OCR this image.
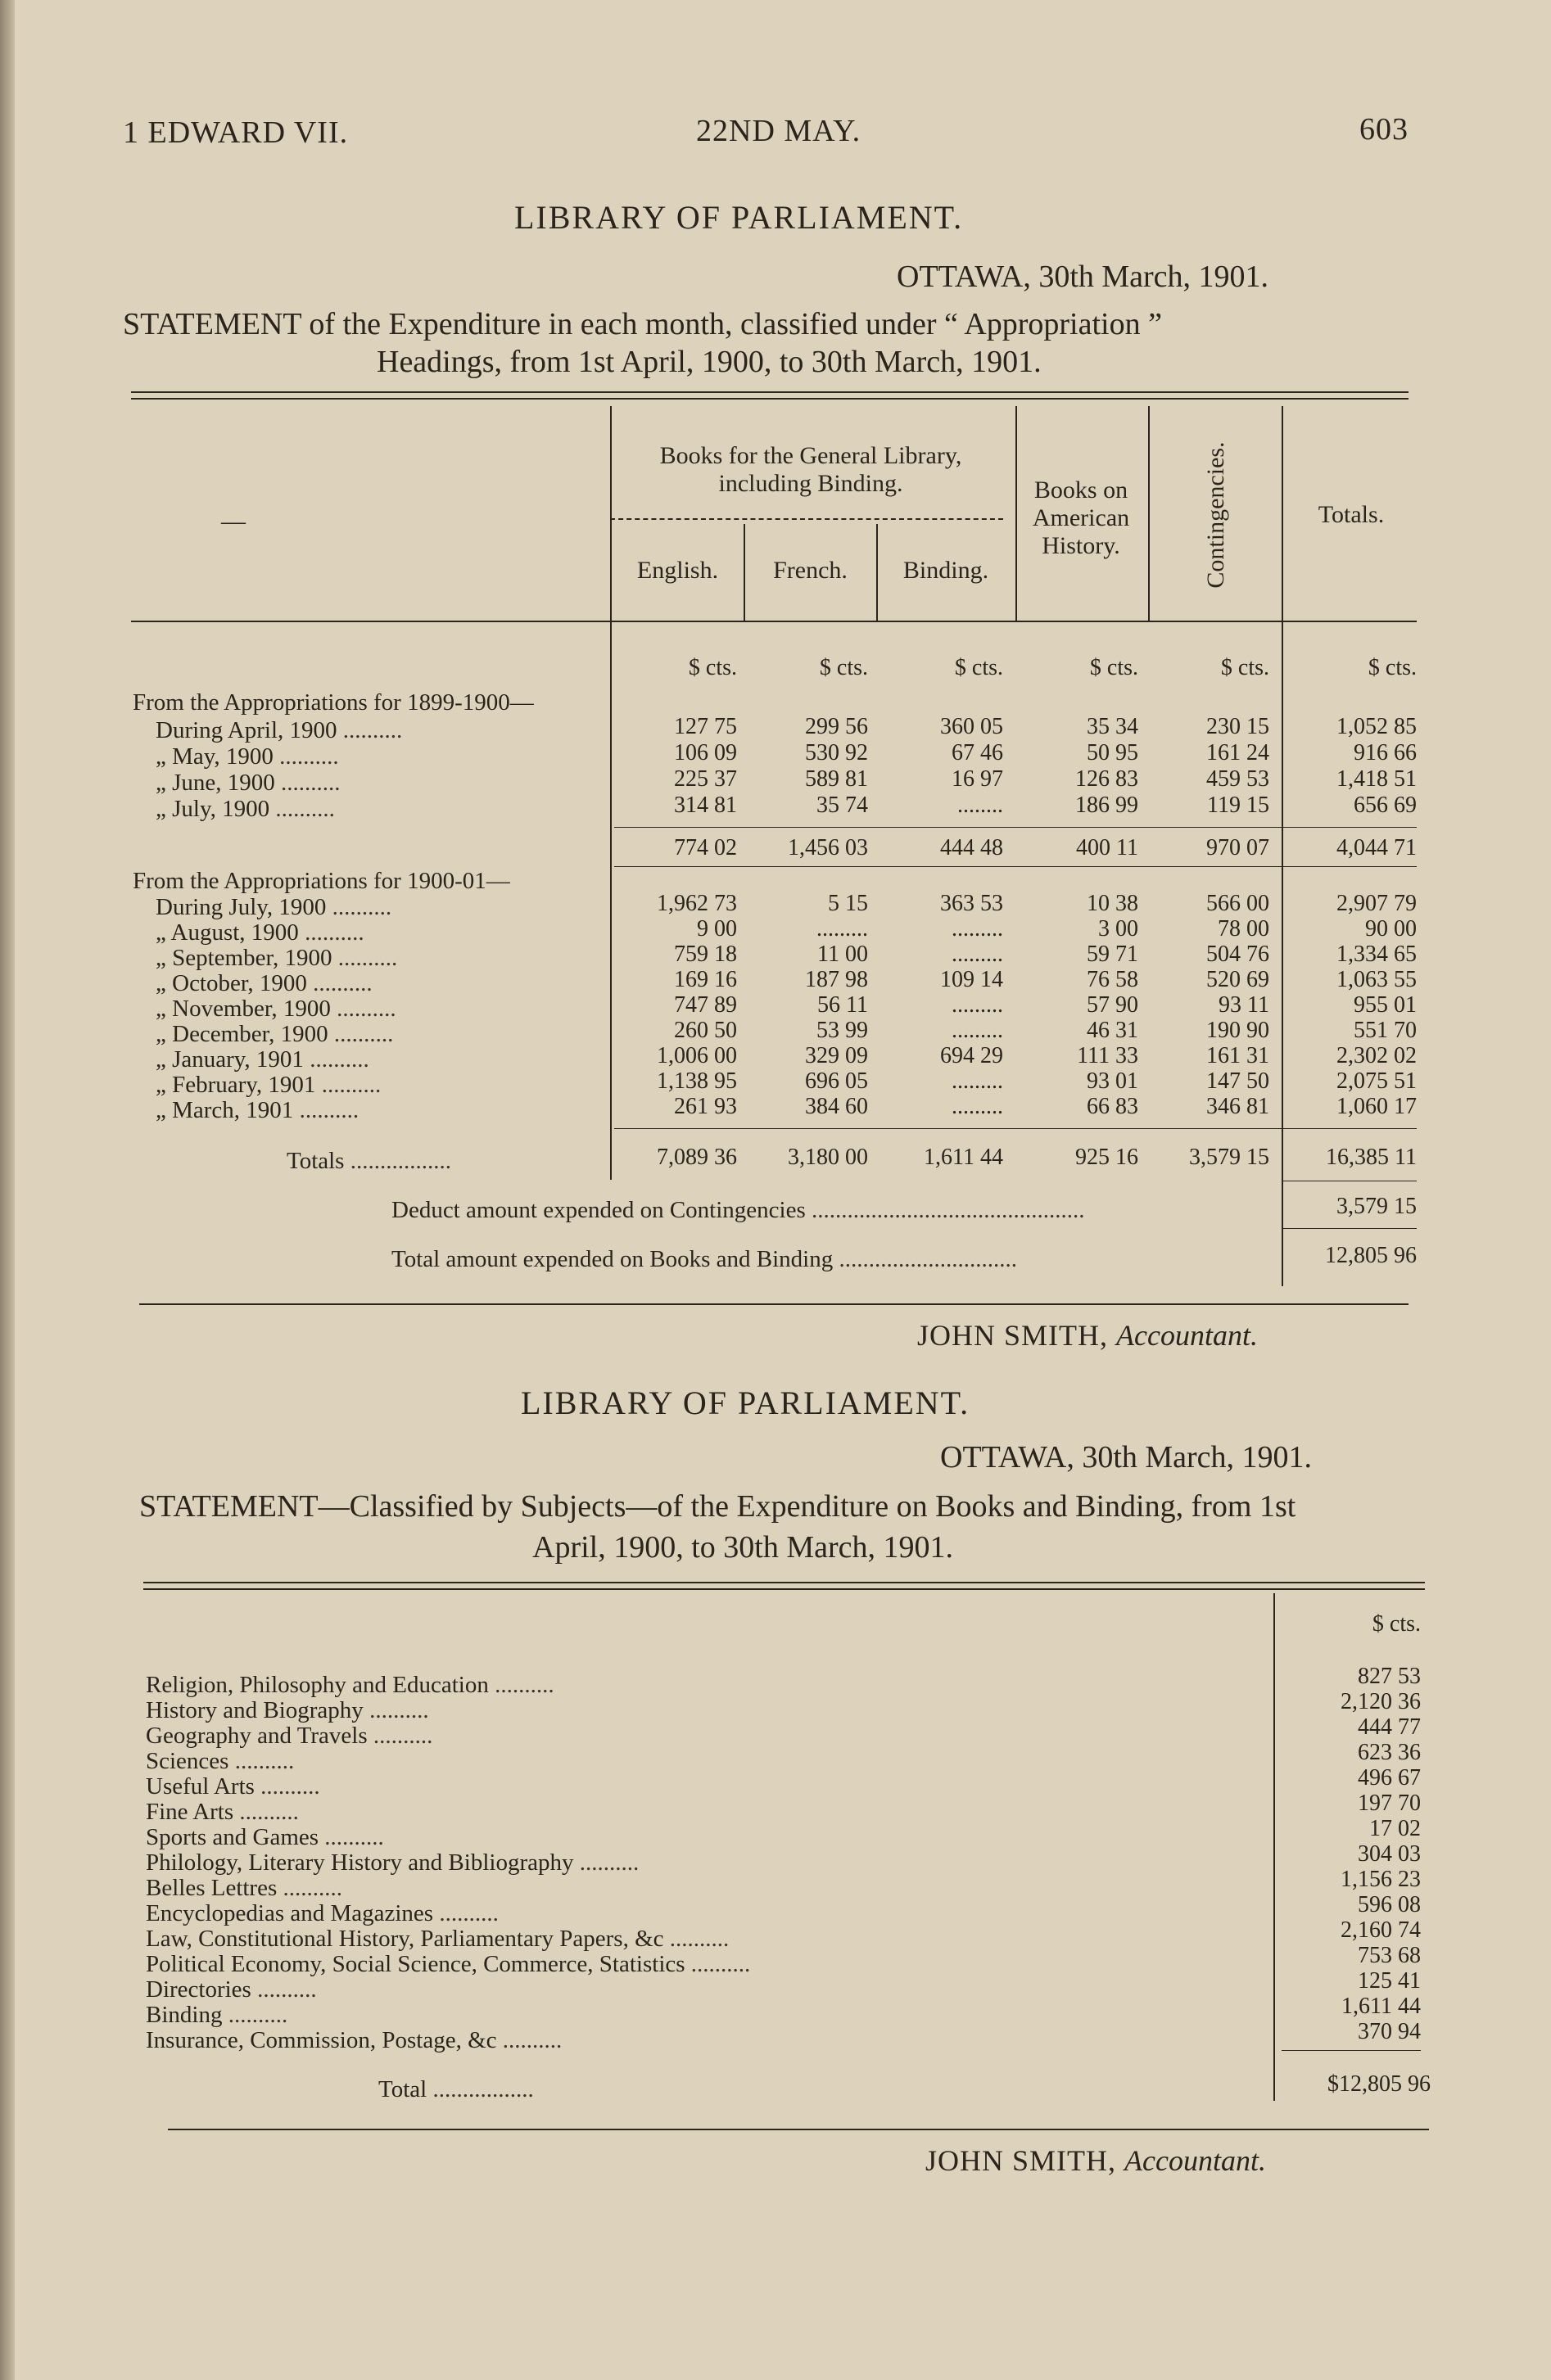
1 EDWARD VII.	22ND MAY.	603
LIBRARY OF PARLIAMENT.
OTTAWA, 30th March, 1901.
STATEMENT of the Expenditure in each month, classified under “ Appropriation ”
Headings, from 1st April, 1900, to 30th March, 1901.
—
Books for the General Library, including Binding.
English.	French.	Binding.
Books on American History.	Contingencies.	Totals.
$ cts.	$ cts.	$ cts.	$ cts.	$ cts.	$ cts.
From the Appropriations for 1899-1900—
During April, 1900 ..........	127 75	299 56	360 05	35 34	230 15	1,052 85
„ May, 1900 ..........	106 09	530 92	67 46	50 95	161 24	916 66
„ June, 1900 ..........	225 37	589 81	16 97	126 83	459 53	1,418 51
„ July, 1900 ..........	314 81	35 74	........	186 99	119 15	656 69
774 02	1,456 03	444 48	400 11	970 07	4,044 71
From the Appropriations for 1900-01—
During July, 1900 ..........	1,962 73	5 15	363 53	10 38	566 00	2,907 79
„ August, 1900 ..........	9 00	.........	.........	3 00	78 00	90 00
„ September, 1900 ..........	759 18	11 00	.........	59 71	504 76	1,334 65
„ October, 1900 ..........	169 16	187 98	109 14	76 58	520 69	1,063 55
„ November, 1900 ..........	747 89	56 11	.........	57 90	93 11	955 01
„ December, 1900 ..........	260 50	53 99	.........	46 31	190 90	551 70
„ January, 1901 ..........	1,006 00	329 09	694 29	111 33	161 31	2,302 02
„ February, 1901 ..........	1,138 95	696 05	.........	93 01	147 50	2,075 51
„ March, 1901 ..........	261 93	384 60	.........	66 83	346 81	1,060 17
Totals .................	7,089 36	3,180 00	1,611 44	925 16	3,579 15	16,385 11
Deduct amount expended on Contingencies ..............................................	3,579 15
Total amount expended on Books and Binding ..............................	12,805 96
JOHN SMITH, Accountant.
LIBRARY OF PARLIAMENT.
OTTAWA, 30th March, 1901.
STATEMENT—Classified by Subjects—of the Expenditure on Books and Binding, from 1st
April, 1900, to 30th March, 1901.
$ cts.
Religion, Philosophy and Education ..........	827 53
History and Biography ..........	2,120 36
Geography and Travels ..........	444 77
Sciences ..........	623 36
Useful Arts ..........	496 67
Fine Arts ..........	197 70
Sports and Games ..........	17 02
Philology, Literary History and Bibliography ..........	304 03
Belles Lettres ..........	1,156 23
Encyclopedias and Magazines ..........	596 08
Law, Constitutional History, Parliamentary Papers, &c ..........	2,160 74
Political Economy, Social Science, Commerce, Statistics ..........	753 68
Directories ..........	125 41
Binding ..........	1,611 44
Insurance, Commission, Postage, &c ..........	370 94
Total .................	$12,805 96
JOHN SMITH, Accountant.
